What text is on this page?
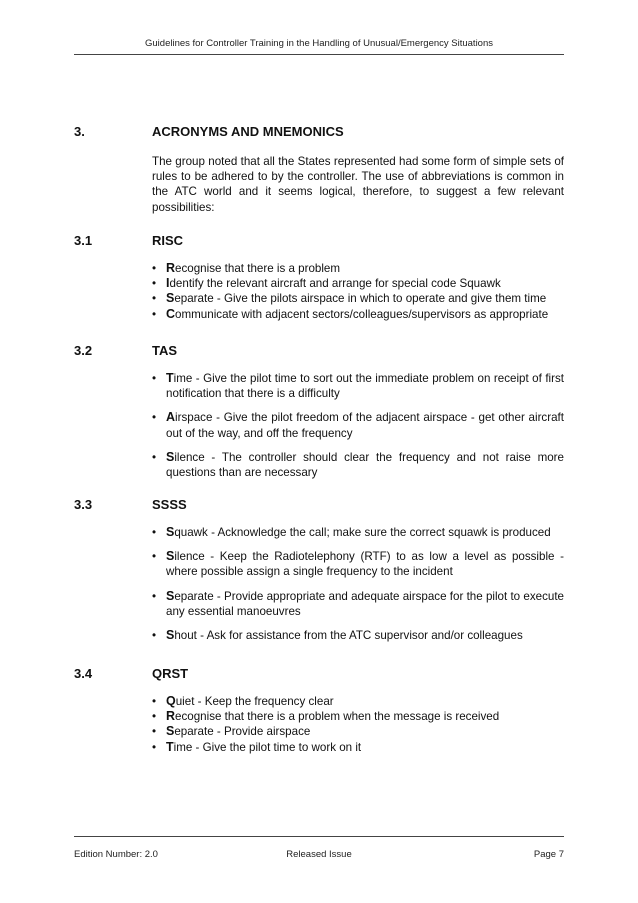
Guidelines for Controller Training in the Handling of Unusual/Emergency Situations
3.	ACRONYMS AND MNEMONICS

The group noted that all the States represented had some form of simple sets of rules to be adhered to by the controller. The use of abbreviations is common in the ATC world and it seems logical, therefore, to suggest a few relevant possibilities:

3.1	RISC
• Recognise that there is a problem
• Identify the relevant aircraft and arrange for special code Squawk
• Separate - Give the pilots airspace in which to operate and give them time
• Communicate with adjacent sectors/colleagues/supervisors as appropriate
3.2	TAS
• Time - Give the pilot time to sort out the immediate problem on receipt of first notification that there is a difficulty
• Airspace - Give the pilot freedom of the adjacent airspace - get other aircraft out of the way, and off the frequency
• Silence - The controller should clear the frequency and not raise more questions than are necessary
3.3	SSSS
• Squawk - Acknowledge the call; make sure the correct squawk is produced
• Silence - Keep the Radiotelephony (RTF) to as low a level as possible - where possible assign a single frequency to the incident
• Separate - Provide appropriate and adequate airspace for the pilot to execute any essential manoeuvres
• Shout - Ask for assistance from the ATC supervisor and/or colleagues
3.4	QRST
• Quiet - Keep the frequency clear
• Recognise that there is a problem when the message is received
• Separate - Provide airspace
• Time - Give the pilot time to work on it
Edition Number: 2.0	Released Issue	Page 7
